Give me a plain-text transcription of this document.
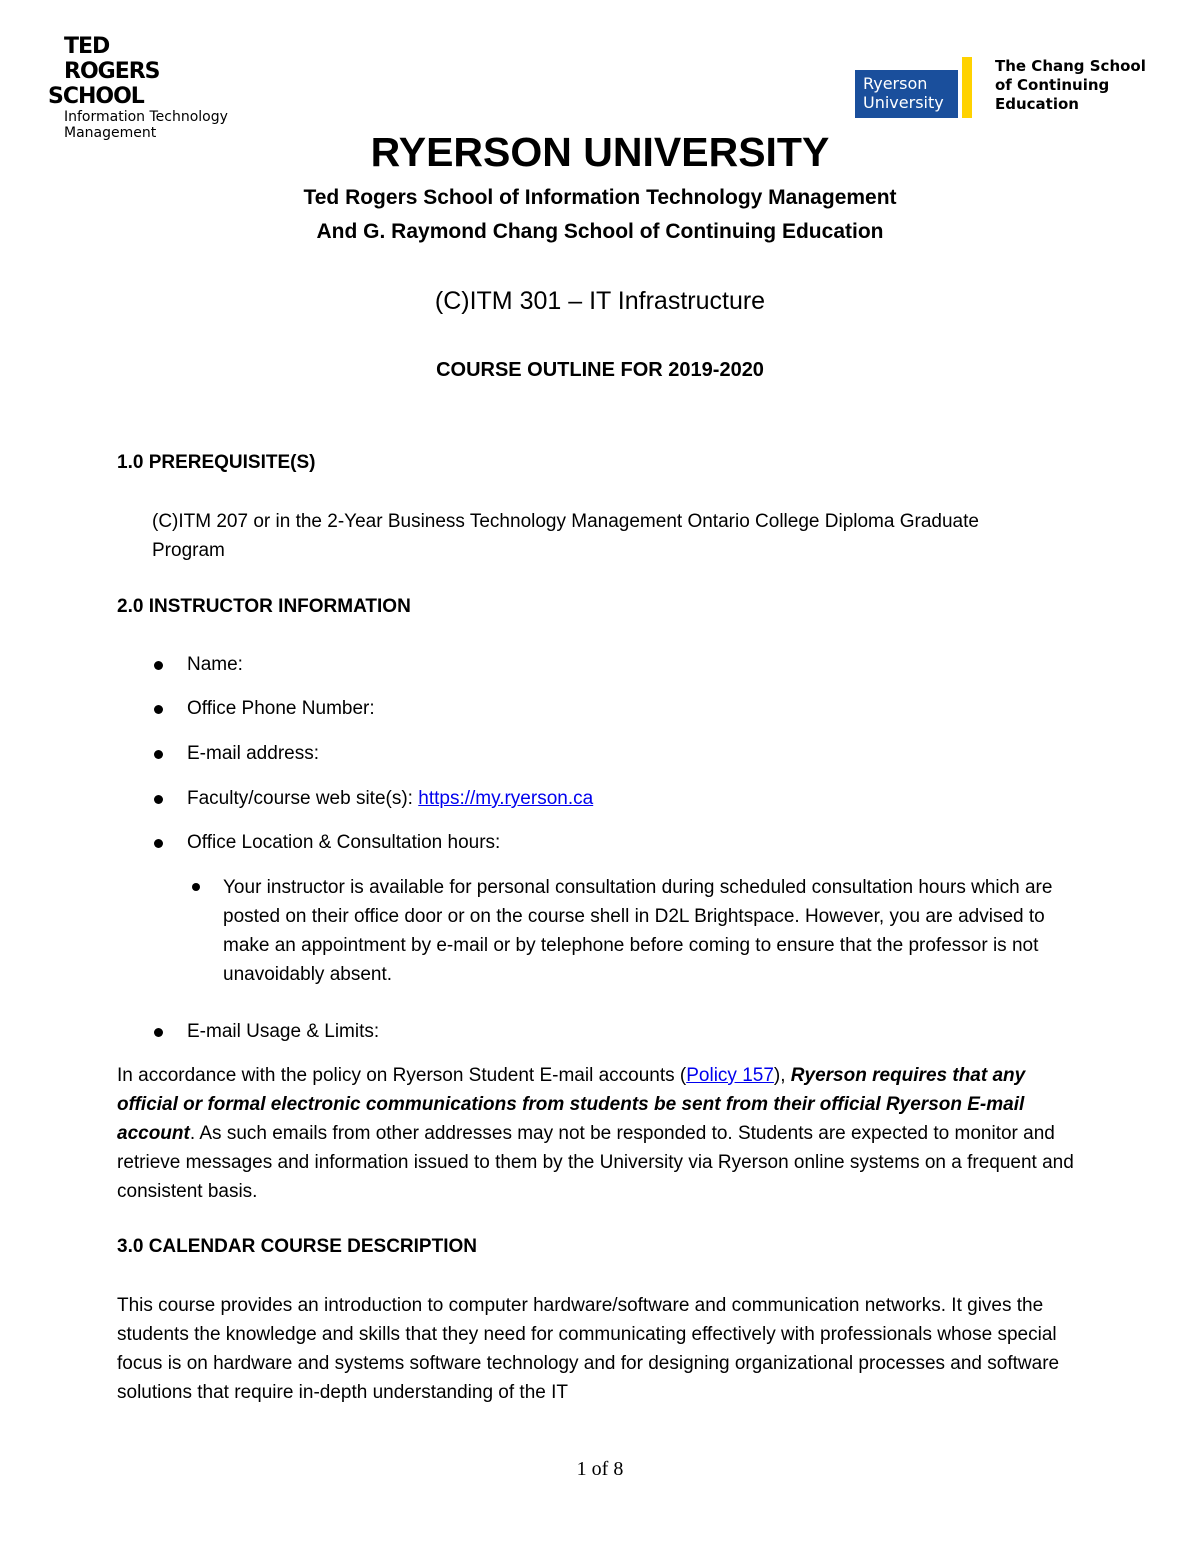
TED
ROGERS
SCHOOL
Information Technology
Management
Ryerson
University
The Chang School
of Continuing
Education
RYERSON UNIVERSITY
Ted Rogers School of Information Technology Management
And G. Raymond Chang School of Continuing Education
(C)ITM 301 – IT Infrastructure
COURSE OUTLINE FOR 2019-2020
1.0 PREREQUISITE(S)
(C)ITM 207 or in the 2-Year Business Technology Management Ontario College Diploma Graduate Program
2.0 INSTRUCTOR INFORMATION
Name:
Office Phone Number:
E-mail address:
Faculty/course web site(s): https://my.ryerson.ca
Office Location & Consultation hours:
Your instructor is available for personal consultation during scheduled consultation hours which are posted on their office door or on the course shell in D2L Brightspace. However, you are advised to make an appointment by e-mail or by telephone before coming to ensure that the professor is not unavoidably absent.
E-mail Usage & Limits:
In accordance with the policy on Ryerson Student E-mail accounts (Policy 157), Ryerson requires that any official or formal electronic communications from students be sent from their official Ryerson E-mail account. As such emails from other addresses may not be responded to. Students are expected to monitor and retrieve messages and information issued to them by the University via Ryerson online systems on a frequent and consistent basis.
3.0 CALENDAR COURSE DESCRIPTION
This course provides an introduction to computer hardware/software and communication networks. It gives the students the knowledge and skills that they need for communicating effectively with professionals whose special focus is on hardware and systems software technology and for designing organizational processes and software solutions that require in-depth understanding of the IT
1 of 8
